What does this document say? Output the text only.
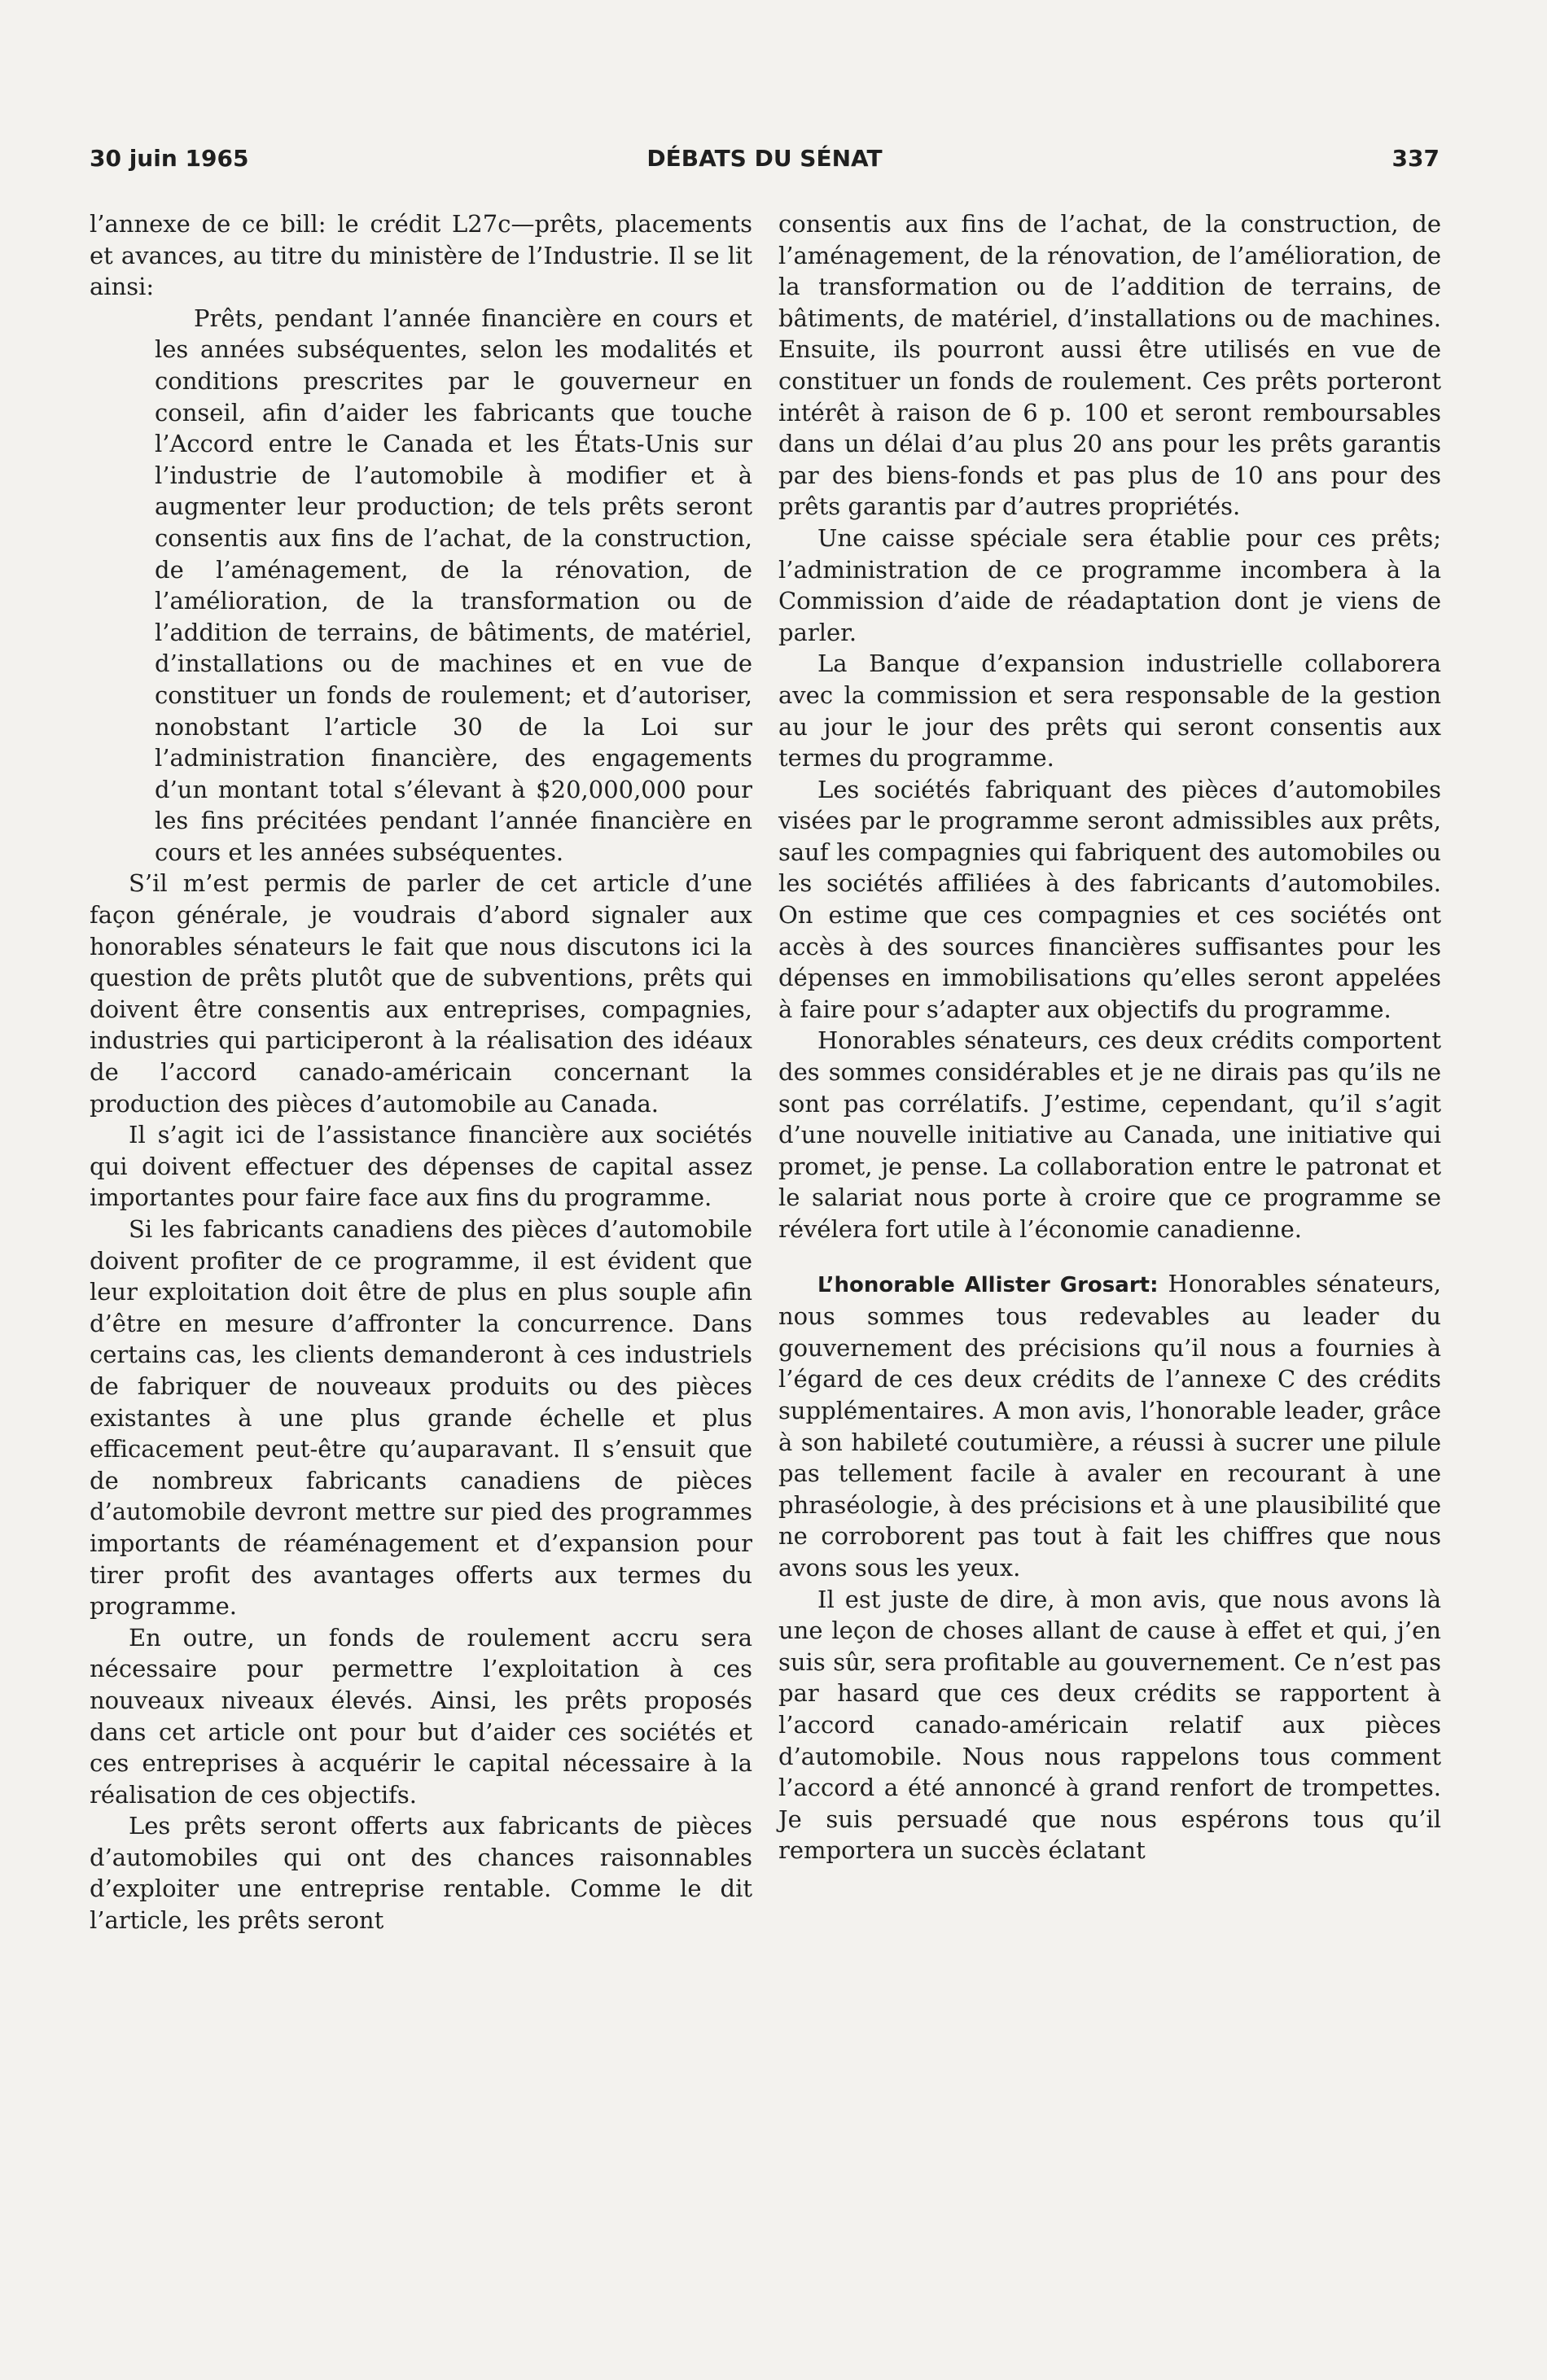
30 juin 1965	DÉBATS DU SÉNAT	337

l’annexe de ce bill: le crédit L27c—prêts, placements et avances, au titre du ministère de l’Industrie. Il se lit ainsi:

Prêts, pendant l’année financière en cours et les années subséquentes, selon les modalités et conditions prescrites par le gouverneur en conseil, afin d’aider les fabricants que touche l’Accord entre le Canada et les États-Unis sur l’industrie de l’automobile à modifier et à augmenter leur production; de tels prêts seront consentis aux fins de l’achat, de la construction, de l’aménagement, de la rénovation, de l’amélioration, de la transformation ou de l’addition de terrains, de bâtiments, de matériel, d’installations ou de machines et en vue de constituer un fonds de roulement; et d’autoriser, nonobstant l’article 30 de la Loi sur l’administration financière, des engagements d’un montant total s’élevant à $20,000,000 pour les fins précitées pendant l’année financière en cours et les années subséquentes.

S’il m’est permis de parler de cet article d’une façon générale, je voudrais d’abord signaler aux honorables sénateurs le fait que nous discutons ici la question de prêts plutôt que de subventions, prêts qui doivent être consentis aux entreprises, compagnies, industries qui participeront à la réalisation des idéaux de l’accord canado-américain concernant la production des pièces d’automobile au Canada.

Il s’agit ici de l’assistance financière aux sociétés qui doivent effectuer des dépenses de capital assez importantes pour faire face aux fins du programme.

Si les fabricants canadiens des pièces d’automobile doivent profiter de ce programme, il est évident que leur exploitation doit être de plus en plus souple afin d’être en mesure d’affronter la concurrence. Dans certains cas, les clients demanderont à ces industriels de fabriquer de nouveaux produits ou des pièces existantes à une plus grande échelle et plus efficacement peut-être qu’auparavant. Il s’ensuit que de nombreux fabricants canadiens de pièces d’automobile devront mettre sur pied des programmes importants de réaménagement et d’expansion pour tirer profit des avantages offerts aux termes du programme.

En outre, un fonds de roulement accru sera nécessaire pour permettre l’exploitation à ces nouveaux niveaux élevés. Ainsi, les prêts proposés dans cet article ont pour but d’aider ces sociétés et ces entreprises à acquérir le capital nécessaire à la réalisation de ces objectifs.

Les prêts seront offerts aux fabricants de pièces d’automobiles qui ont des chances raisonnables d’exploiter une entreprise rentable. Comme le dit l’article, les prêts seront

consentis aux fins de l’achat, de la construction, de l’aménagement, de la rénovation, de l’amélioration, de la transformation ou de l’addition de terrains, de bâtiments, de matériel, d’installations ou de machines. Ensuite, ils pourront aussi être utilisés en vue de constituer un fonds de roulement. Ces prêts porteront intérêt à raison de 6 p. 100 et seront remboursables dans un délai d’au plus 20 ans pour les prêts garantis par des biens-fonds et pas plus de 10 ans pour des prêts garantis par d’autres propriétés.

Une caisse spéciale sera établie pour ces prêts; l’administration de ce programme incombera à la Commission d’aide de réadaptation dont je viens de parler.

La Banque d’expansion industrielle collaborera avec la commission et sera responsable de la gestion au jour le jour des prêts qui seront consentis aux termes du programme.

Les sociétés fabriquant des pièces d’automobiles visées par le programme seront admissibles aux prêts, sauf les compagnies qui fabriquent des automobiles ou les sociétés affiliées à des fabricants d’automobiles. On estime que ces compagnies et ces sociétés ont accès à des sources financières suffisantes pour les dépenses en immobilisations qu’elles seront appelées à faire pour s’adapter aux objectifs du programme.

Honorables sénateurs, ces deux crédits comportent des sommes considérables et je ne dirais pas qu’ils ne sont pas corrélatifs. J’estime, cependant, qu’il s’agit d’une nouvelle initiative au Canada, une initiative qui promet, je pense. La collaboration entre le patronat et le salariat nous porte à croire que ce programme se révélera fort utile à l’économie canadienne.

L’honorable Allister Grosart: Honorables sénateurs, nous sommes tous redevables au leader du gouvernement des précisions qu’il nous a fournies à l’égard de ces deux crédits de l’annexe C des crédits supplémentaires. A mon avis, l’honorable leader, grâce à son habileté coutumière, a réussi à sucrer une pilule pas tellement facile à avaler en recourant à une phraséologie, à des précisions et à une plausibilité que ne corroborent pas tout à fait les chiffres que nous avons sous les yeux.

Il est juste de dire, à mon avis, que nous avons là une leçon de choses allant de cause à effet et qui, j’en suis sûr, sera profitable au gouvernement. Ce n’est pas par hasard que ces deux crédits se rapportent à l’accord canado-américain relatif aux pièces d’automobile. Nous nous rappelons tous comment l’accord a été annoncé à grand renfort de trompettes. Je suis persuadé que nous espérons tous qu’il remportera un succès éclatant
